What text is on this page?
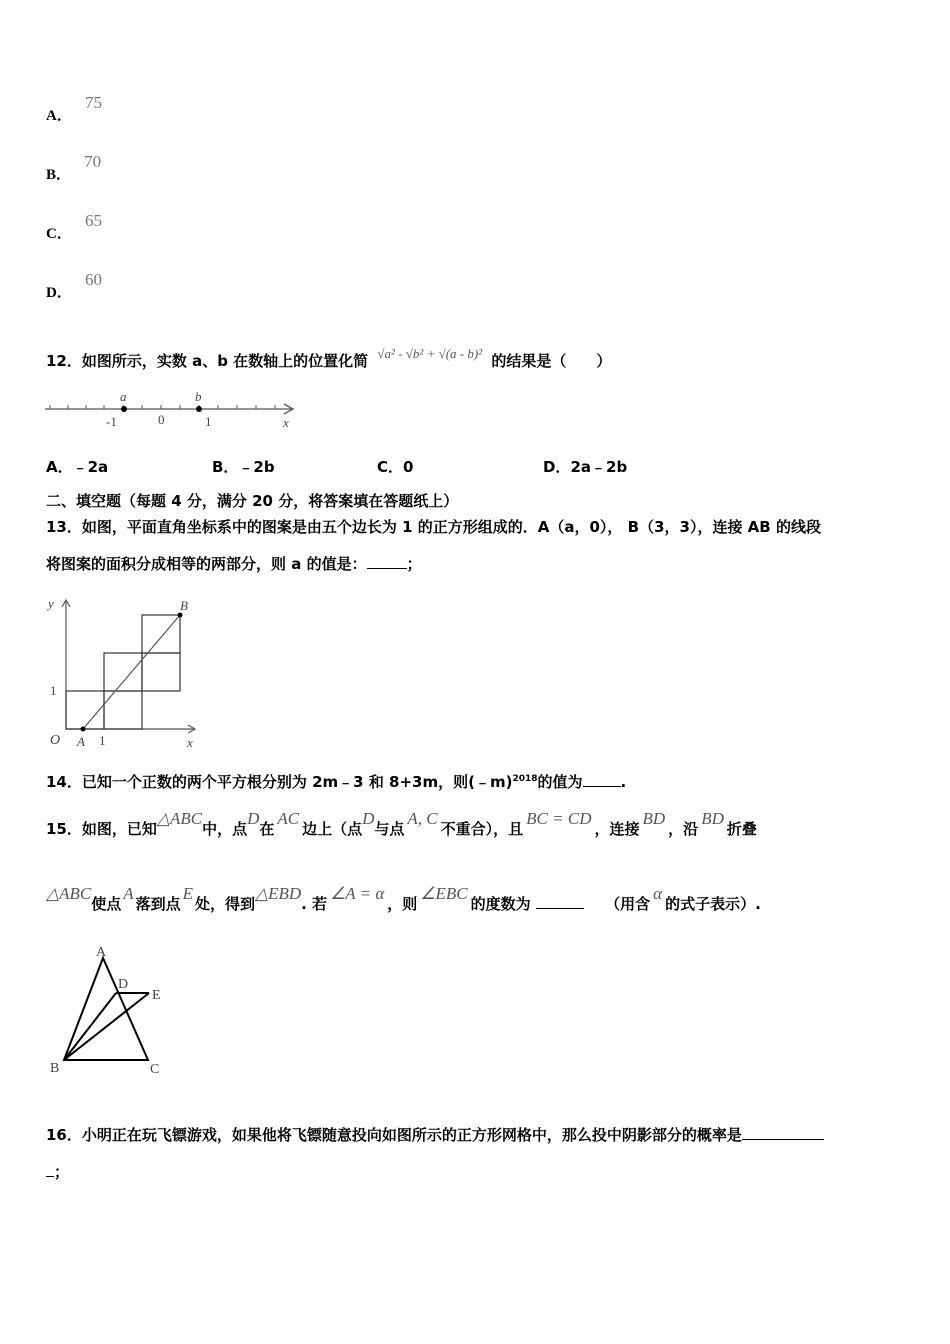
A． 75
B． 70
C． 65
D． 60
12．如图所示，实数 a、b 在数轴上的位置化简 √a² - √b² + √(a - b)² 的结果是（　　）
a	b
-1	0	1	x
A．﹣2a	B．﹣2b	C．0	D．2a﹣2b
二、填空题（每题 4 分，满分 20 分，将答案填在答题纸上）
13．如图，平面直角坐标系中的图案是由五个边长为 1 的正方形组成的．A（a，0）， B（3，3），连接 AB 的线段
将图案的面积分成相等的两部分，则 a 的值是：	；
y	B
1
O A 1	x
14．已知一个正数的两个平方根分别为 2m﹣3 和 8+3m，则(﹣m)$^{2018}$的值为	.
15．如图，已知△ABC中，点D在AC边上（点D与点A, C不重合），且BC = CD，连接BD，沿BD折叠
△ABC使点A落到点E处，得到△EBD. 若∠A = α，则∠EBC的度数为	（用含α的式子表示）.
A
D
E
B	C
16．小明正在玩飞镖游戏，如果他将飞镖随意投向如图所示的正方形网格中，那么投中阴影部分的概率是
；
